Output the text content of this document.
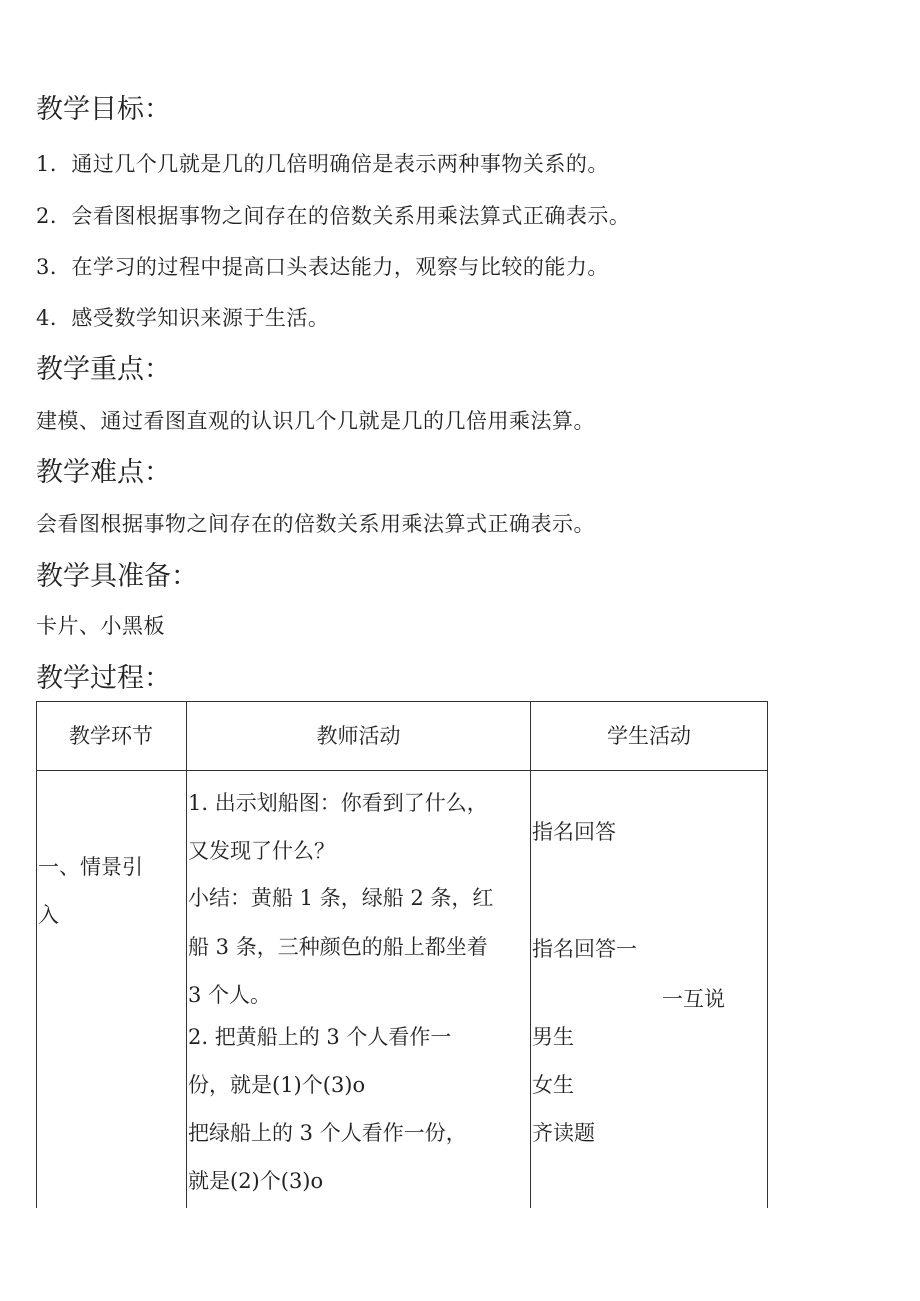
教学目标：
1．通过几个几就是几的几倍明确倍是表示两种事物关系的。
2．会看图根据事物之间存在的倍数关系用乘法算式正确表示。
3．在学习的过程中提高口头表达能力，观察与比较的能力。
4．感受数学知识来源于生活。
教学重点：
建模、通过看图直观的认识几个几就是几的几倍用乘法算。
教学难点：
会看图根据事物之间存在的倍数关系用乘法算式正确表示。
教学具准备：
卡片、小黑板
教学过程：
教学环节	教师活动	学生活动
一、情景引
入
1. 出示划船图：你看到了什么，
又发现了什么？
小结：黄船 1 条，绿船 2 条，红
船 3 条，三种颜色的船上都坐着
3 个人。
2. 把黄船上的 3 个人看作一
份，就是(1)个(3)o
把绿船上的 3 个人看作一份，
就是(2)个(3)o
指名回答
指名回答一
一互说
男生
女生
齐读题
